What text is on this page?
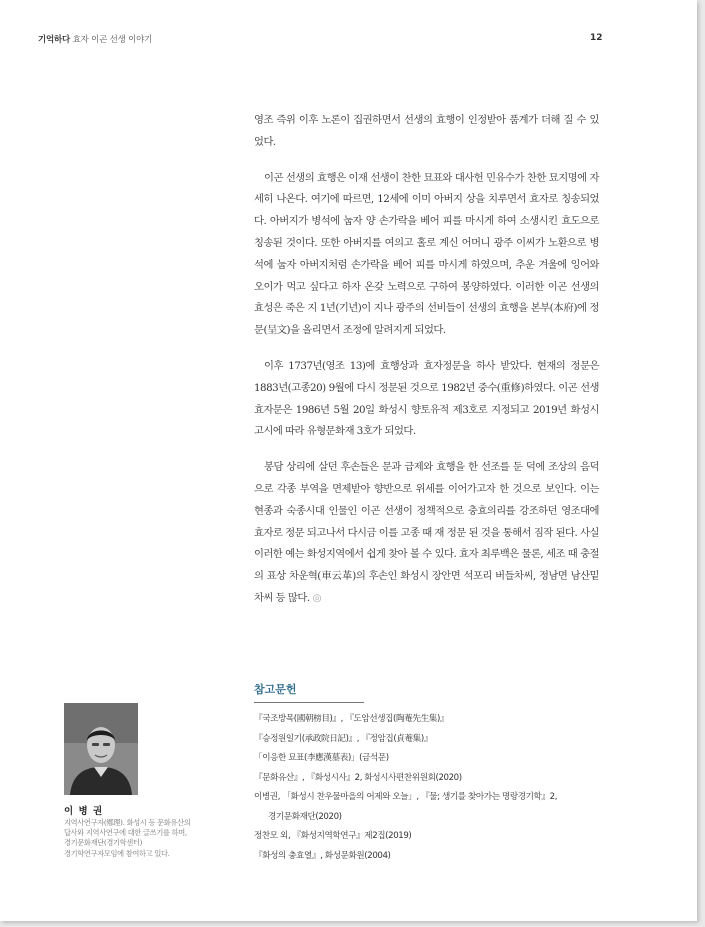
기억하다 효자 이곤 선생 이야기	12

영조 즉위 이후 노론이 집권하면서 선생의 효행이 인정받아 품계가 더해 질 수 있었다.

이곤 선생의 효행은 이재 선생이 찬한 묘표와 대사헌 민유수가 찬한 묘지명에 자세히 나온다. 여기에 따르면, 12세에 이미 아버지 상을 치루면서 효자로 칭송되었다. 아버지가 병석에 눕자 양 손가락을 베어 피를 마시게 하여 소생시킨 효도으로 칭송된 것이다. 또한 아버지를 여의고 홀로 계신 어머니 광주 이씨가 노환으로 병석에 눕자 아버지처럼 손가락을 베어 피를 마시게 하였으며, 추운 겨울에 잉어와 오이가 먹고 싶다고 하자 온갖 노력으로 구하여 봉양하였다. 이러한 이곤 선생의 효성은 죽은 지 1년(기년)이 지나 광주의 선비들이 선생의 효행을 본부(本府)에 정문(呈文)을 올리면서 조정에 알려지게 되었다.

이후 1737년(영조 13)에 효행상과 효자정문을 하사 받았다. 현재의 정문은 1883년(고종20) 9월에 다시 정문된 것으로 1982년 중수(重修)하였다. 이곤 선생 효자문은 1986년 5월 20일 화성시 향토유적 제3호로 지정되고 2019년 화성시 고시에 따라 유형문화재 3호가 되었다.

봉담 상리에 살던 후손들은 문과 급제와 효행을 한 선조를 둔 덕에 조상의 음덕으로 각종 부역을 면제받아 향반으로 위세를 이어가고자 한 것으로 보인다. 이는 현종과 숙종시대 인물인 이곤 선생이 정책적으로 충효의리를 강조하던 영조대에 효자로 정문 되고나서 다시금 이를 고종 때 재 정문 된 것을 통해서 짐작 된다. 사실 이러한 예는 화성지역에서 쉽게 찾아 볼 수 있다. 효자 최루백은 물론, 세조 때 충절의 표상 차운혁(車云革)의 후손인 화성시 장안면 석포리 버들차씨, 정남면 남산밑차씨 등 많다. ◎

참고문헌
『국조방목(國朝榜目)』, 『도암선생집(陶菴先生集)』
『승정원일기(承政院日記)』, 『정암집(貞菴集)』
「이응한 묘표(李應漢墓表)」(금석문)
『문화유산』, 『화성시사』2, 화성시사편찬위원회(2020)
이병권, 「화성시 찬우물마을의 어제와 오늘」, 『물; 생기를 찾아가는 명랑경기학』2,
경기문화재단(2020)
정찬모 외, 『화성지역학연구』제2집(2019)
『화성의 충효열』, 화성문화원(2004)
이 병 권
지역사연구자(鄕理). 화성시 등 문화유산의
답사와 지역사연구에 대한 글쓰기를 하며,
경기문화재단(경기학센터)
경기학연구자모임에 참여하고 있다.
